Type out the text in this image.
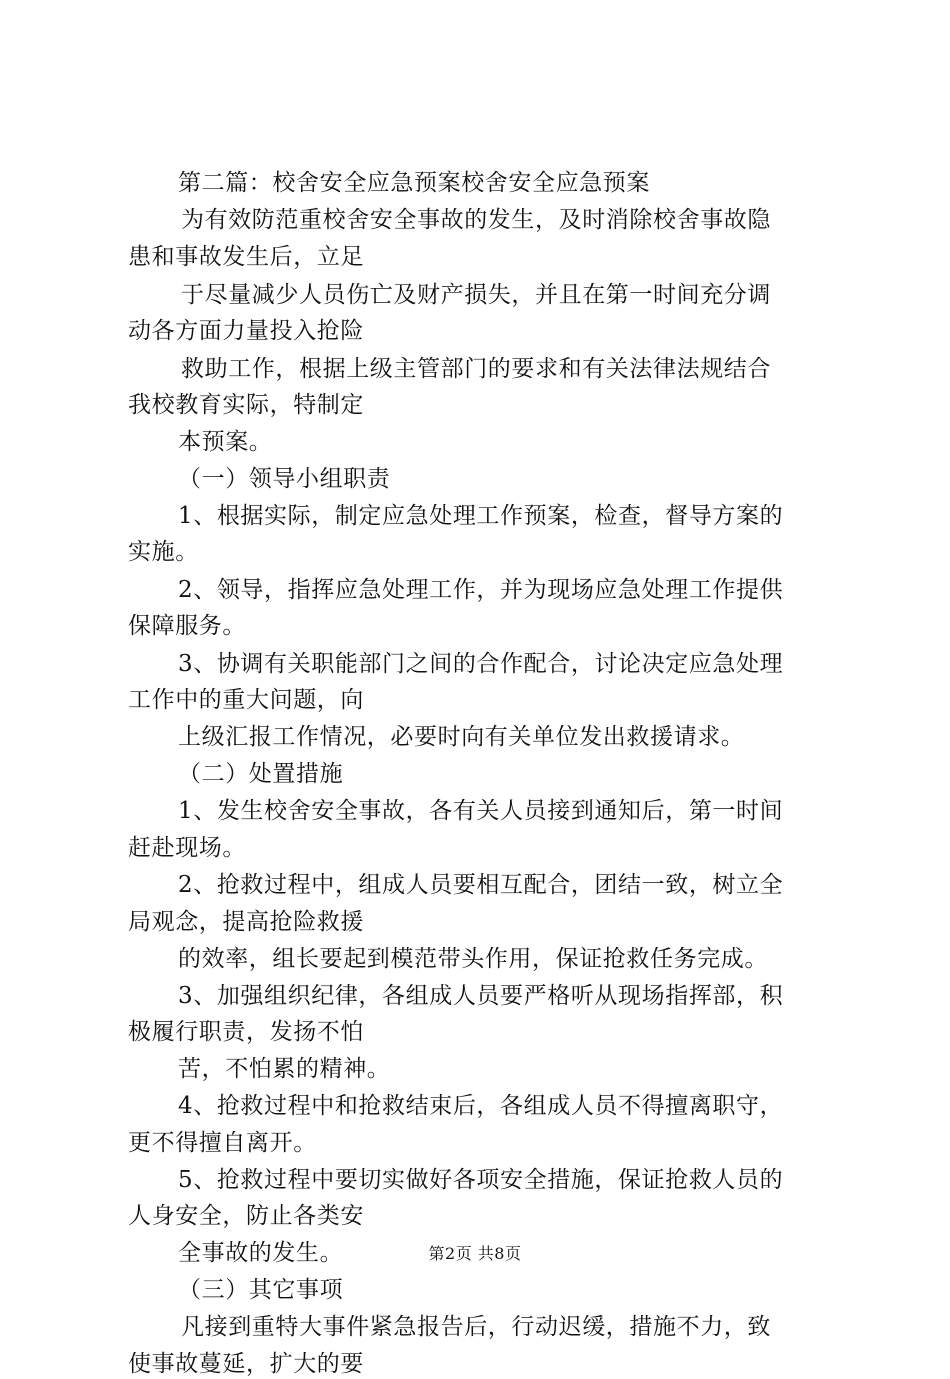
第二篇：校舍安全应急预案校舍安全应急预案
为有效防范重校舍安全事故的发生，及时消除校舍事故隐
患和事故发生后，立足
于尽量减少人员伤亡及财产损失，并且在第一时间充分调
动各方面力量投入抢险
救助工作，根据上级主管部门的要求和有关法律法规结合
我校教育实际，特制定
本预案。
（一）领导小组职责
1、根据实际，制定应急处理工作预案，检查，督导方案的
实施。
2、领导，指挥应急处理工作，并为现场应急处理工作提供
保障服务。
3、协调有关职能部门之间的合作配合，讨论决定应急处理
工作中的重大问题，向
上级汇报工作情况，必要时向有关单位发出救援请求。
（二）处置措施
1、发生校舍安全事故，各有关人员接到通知后，第一时间
赶赴现场。
2、抢救过程中，组成人员要相互配合，团结一致，树立全
局观念，提高抢险救援
的效率，组长要起到模范带头作用，保证抢救任务完成。
3、加强组织纪律，各组成人员要严格听从现场指挥部，积
极履行职责，发扬不怕
苦，不怕累的精神。
4、抢救过程中和抢救结束后，各组成人员不得擅离职守，
更不得擅自离开。
5、抢救过程中要切实做好各项安全措施，保证抢救人员的
人身安全，防止各类安
全事故的发生。
（三）其它事项
凡接到重特大事件紧急报告后，行动迟缓，措施不力，致
使事故蔓延，扩大的要
第2页 共8页
